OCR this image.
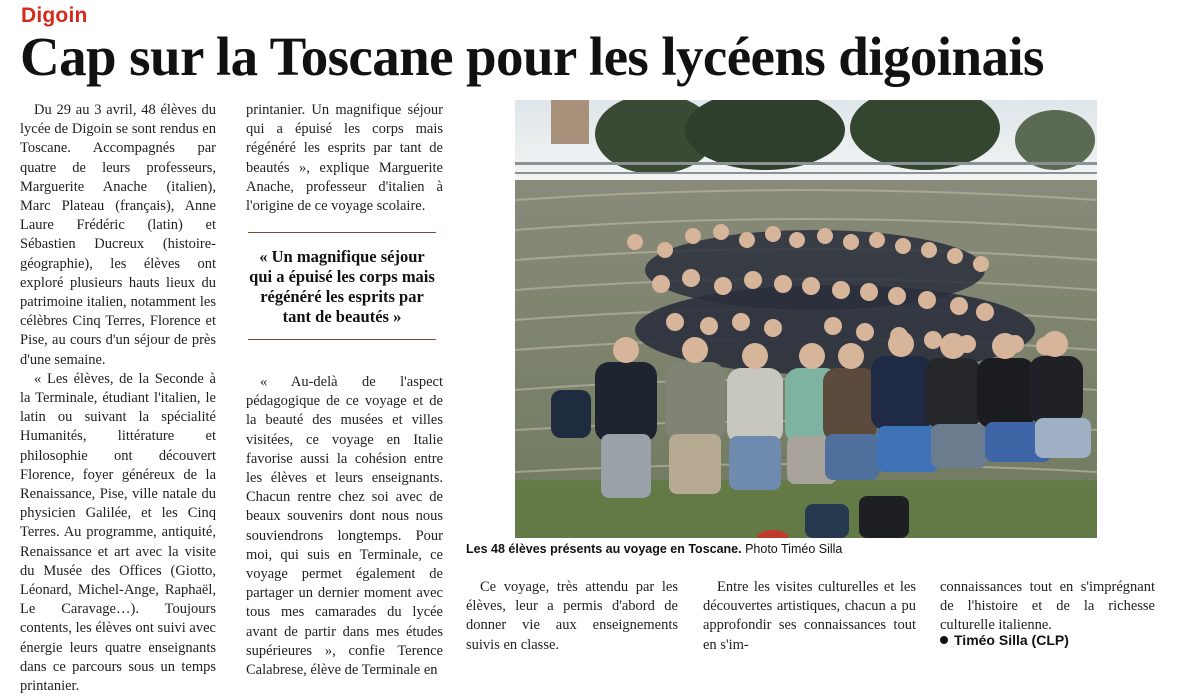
Digoin
Cap sur la Toscane pour les lycéens digoinais

Du 29 au 3 avril, 48 élèves du lycée de Digoin se sont rendus en Toscane. Accompagnés par quatre de leurs professeurs, Marguerite Anache (italien), Marc Plateau (français), Anne Laure Frédéric (latin) et Sébastien Ducreux (histoire-géographie), les élèves ont exploré plusieurs hauts lieux du patrimoine italien, notamment les célèbres Cinq Terres, Florence et Pise, au cours d'un séjour de près d'une semaine.

« Les élèves, de la Seconde à la Terminale, étudiant l'italien, le latin ou suivant la spécialité Humanités, littérature et philosophie ont découvert Florence, foyer généreux de la Renaissance, Pise, ville natale du physicien Galilée, et les Cinq Terres. Au programme, antiquité, Renaissance et art avec la visite du Musée des Offices (Giotto, Léonard, Michel-Ange, Raphaël, Le Caravage…). Toujours contents, les élèves ont suivi avec énergie leurs quatre enseignants dans ce parcours sous un temps printanier.

printanier. Un magnifique séjour qui a épuisé les corps mais régénéré les esprits par tant de beautés », explique Marguerite Anache, professeur d'italien à l'origine de ce voyage scolaire.

« Un magnifique séjour qui a épuisé les corps mais régénéré les esprits par tant de beautés »

« Au-delà de l'aspect pédagogique de ce voyage et de la beauté des musées et villes visitées, ce voyage en Italie favorise aussi la cohésion entre les élèves et leurs enseignants. Chacun rentre chez soi avec de beaux souvenirs dont nous nous souviendrons longtemps. Pour moi, qui suis en Terminale, ce voyage permet également de partager un dernier moment avec tous mes camarades du lycée avant de partir dans mes études supérieures », confie Terence Calabrese, élève de Terminale en

Les 48 élèves présents au voyage en Toscane. Photo Timéo Silla

Ce voyage, très attendu par les élèves, leur a permis d'abord de donner vie aux enseignements suivis en classe.

Entre les visites culturelles et les découvertes artistiques, chacun a pu approfondir ses connaissances tout en s'im-

connaissances tout en s'imprégnant de l'histoire et de la richesse culturelle italienne.

Timéo Silla (CLP)
